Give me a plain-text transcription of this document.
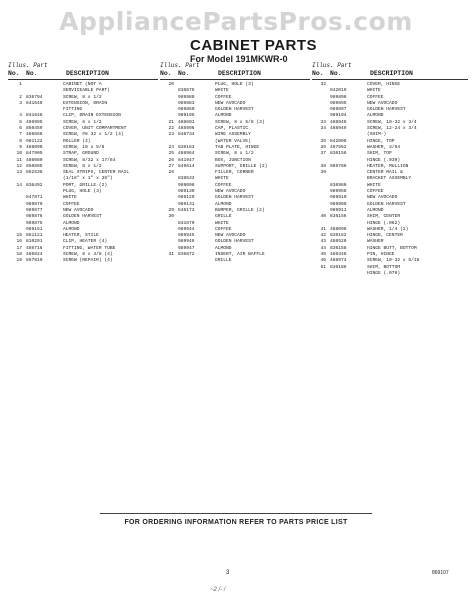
AppliancePartsPros.com
CABINET PARTS
For Model 191MKWR-0
Illus. Part
No. No.	DESCRIPTION
1	CABINET (NOT A
SERVICEABLE PART)
2 836794	SCREW, 8 x 1/2
3 841646	EXTENSION, DRAIN
FITTING
4 841648	CLIP, DRAIN EXTENSION
5 486995	SCREW, 8 x 1/2
6 850459	COVER, UNIT COMPARTMENT
7 486658	SCREW, #8 32 x 1/2 (4)
8 981122	ROLLER (4)
9 488090	SCREW, 10 x 5/8
10 847905	STRAP, GROUND
11 486080	SCREW, 8/32 x 17/64
12 850895	SCREW, 8 x 1/2
13 852536	SEAL STRIPS, CENTER RAIL
(1/16" x 1" x 36")
14 836492	PORT, GRILLE (2)
PLUG, HOLE (3)
847871	WHITE
989870	COFFEE
989877	NEW AVOCADO
989876	GOLDEN HARVEST
989875	ALMOND
989151	ALMOND
15 851121	HEATER, STILE
16 810291	CLIP, HEATER (4)
17 486716	FITTING, WATER TUBE
18 486824	SCREW, 8 x 3/8 (4)
19 857810	SCREW (REPAIR) (4)
Illus. Part
No. No.	DESCRIPTION
20	PLUG, HOLE (3)
836675	WHITE
989980	COFFEE
989883	NEW AVOCADO
989850	GOLDEN HARVEST
989195	ALMOND
21 488601	SCREW, 8 x 5/8 (3)
22 485996	CAP, PLASTIC
23 848734	WIRE ASSEMBLY
(WATER VALVE)
24 836163	TAB PLATE, HINGE
25 488964	SCREW, 8 x 1/2
26 841947	BOX, JUNCTION
27 849614	SUPPORT, GRILLE (2)
28	FILLER, CORNER
838533	WHITE
989008	COFFEE
989130	NEW AVOCADO
989129	GOLDEN HARVEST
989131	ALMOND
29 546173	BUMPER, GRILLE (2)
30	GRILLE
841670	WHITE
989944	COFFEE
989945	NEW AVOCADO
989946	GOLDEN HARVEST
989947	ALMOND
31 836872	INSERT, AIR BAFFLE
GRILLE
Illus. Part
No. No.	DESCRIPTION
32	COVER, HINGE
842019	WHITE
989896	COFFEE
989895	NEW AVOCADO
989897	GOLDEN HARVEST
989194	ALMOND
33 488946	SCREW, 10-32 x 3/4
34 488949	SCREW, 12-24 x 3/4
(SHIM-)
35 842008	HINGE, TOP
36 487562	WASHER, 3/64
37 836158	SHIM, TOP
HINGE (.030)
38 989786	HEATER, MULLION
39	CENTER RAIL &
BRACKET ASSEMBLY
836960	WHITE
989958	COFFEE
989910	NEW AVOCADO
989909	GOLDEN HARVEST
989911	ALMOND
40 836156	SHIM, CENTER
HINGE (.062)
41 488096	WASHER, 1/4 (2)
42 836152	HINGE, CENTER
43 486520	WASHER
44 836158	HINGE BUTT, BOTTOM
45 486346	PIN, HINGE
46 488974	SCREW, 10-32 x 5/16
51 836186	SHIM, BOTTOM
HINGE (.070)
FOR ORDERING INFORMATION REFER TO PARTS PRICE LIST
3	869107
~2 /- /
